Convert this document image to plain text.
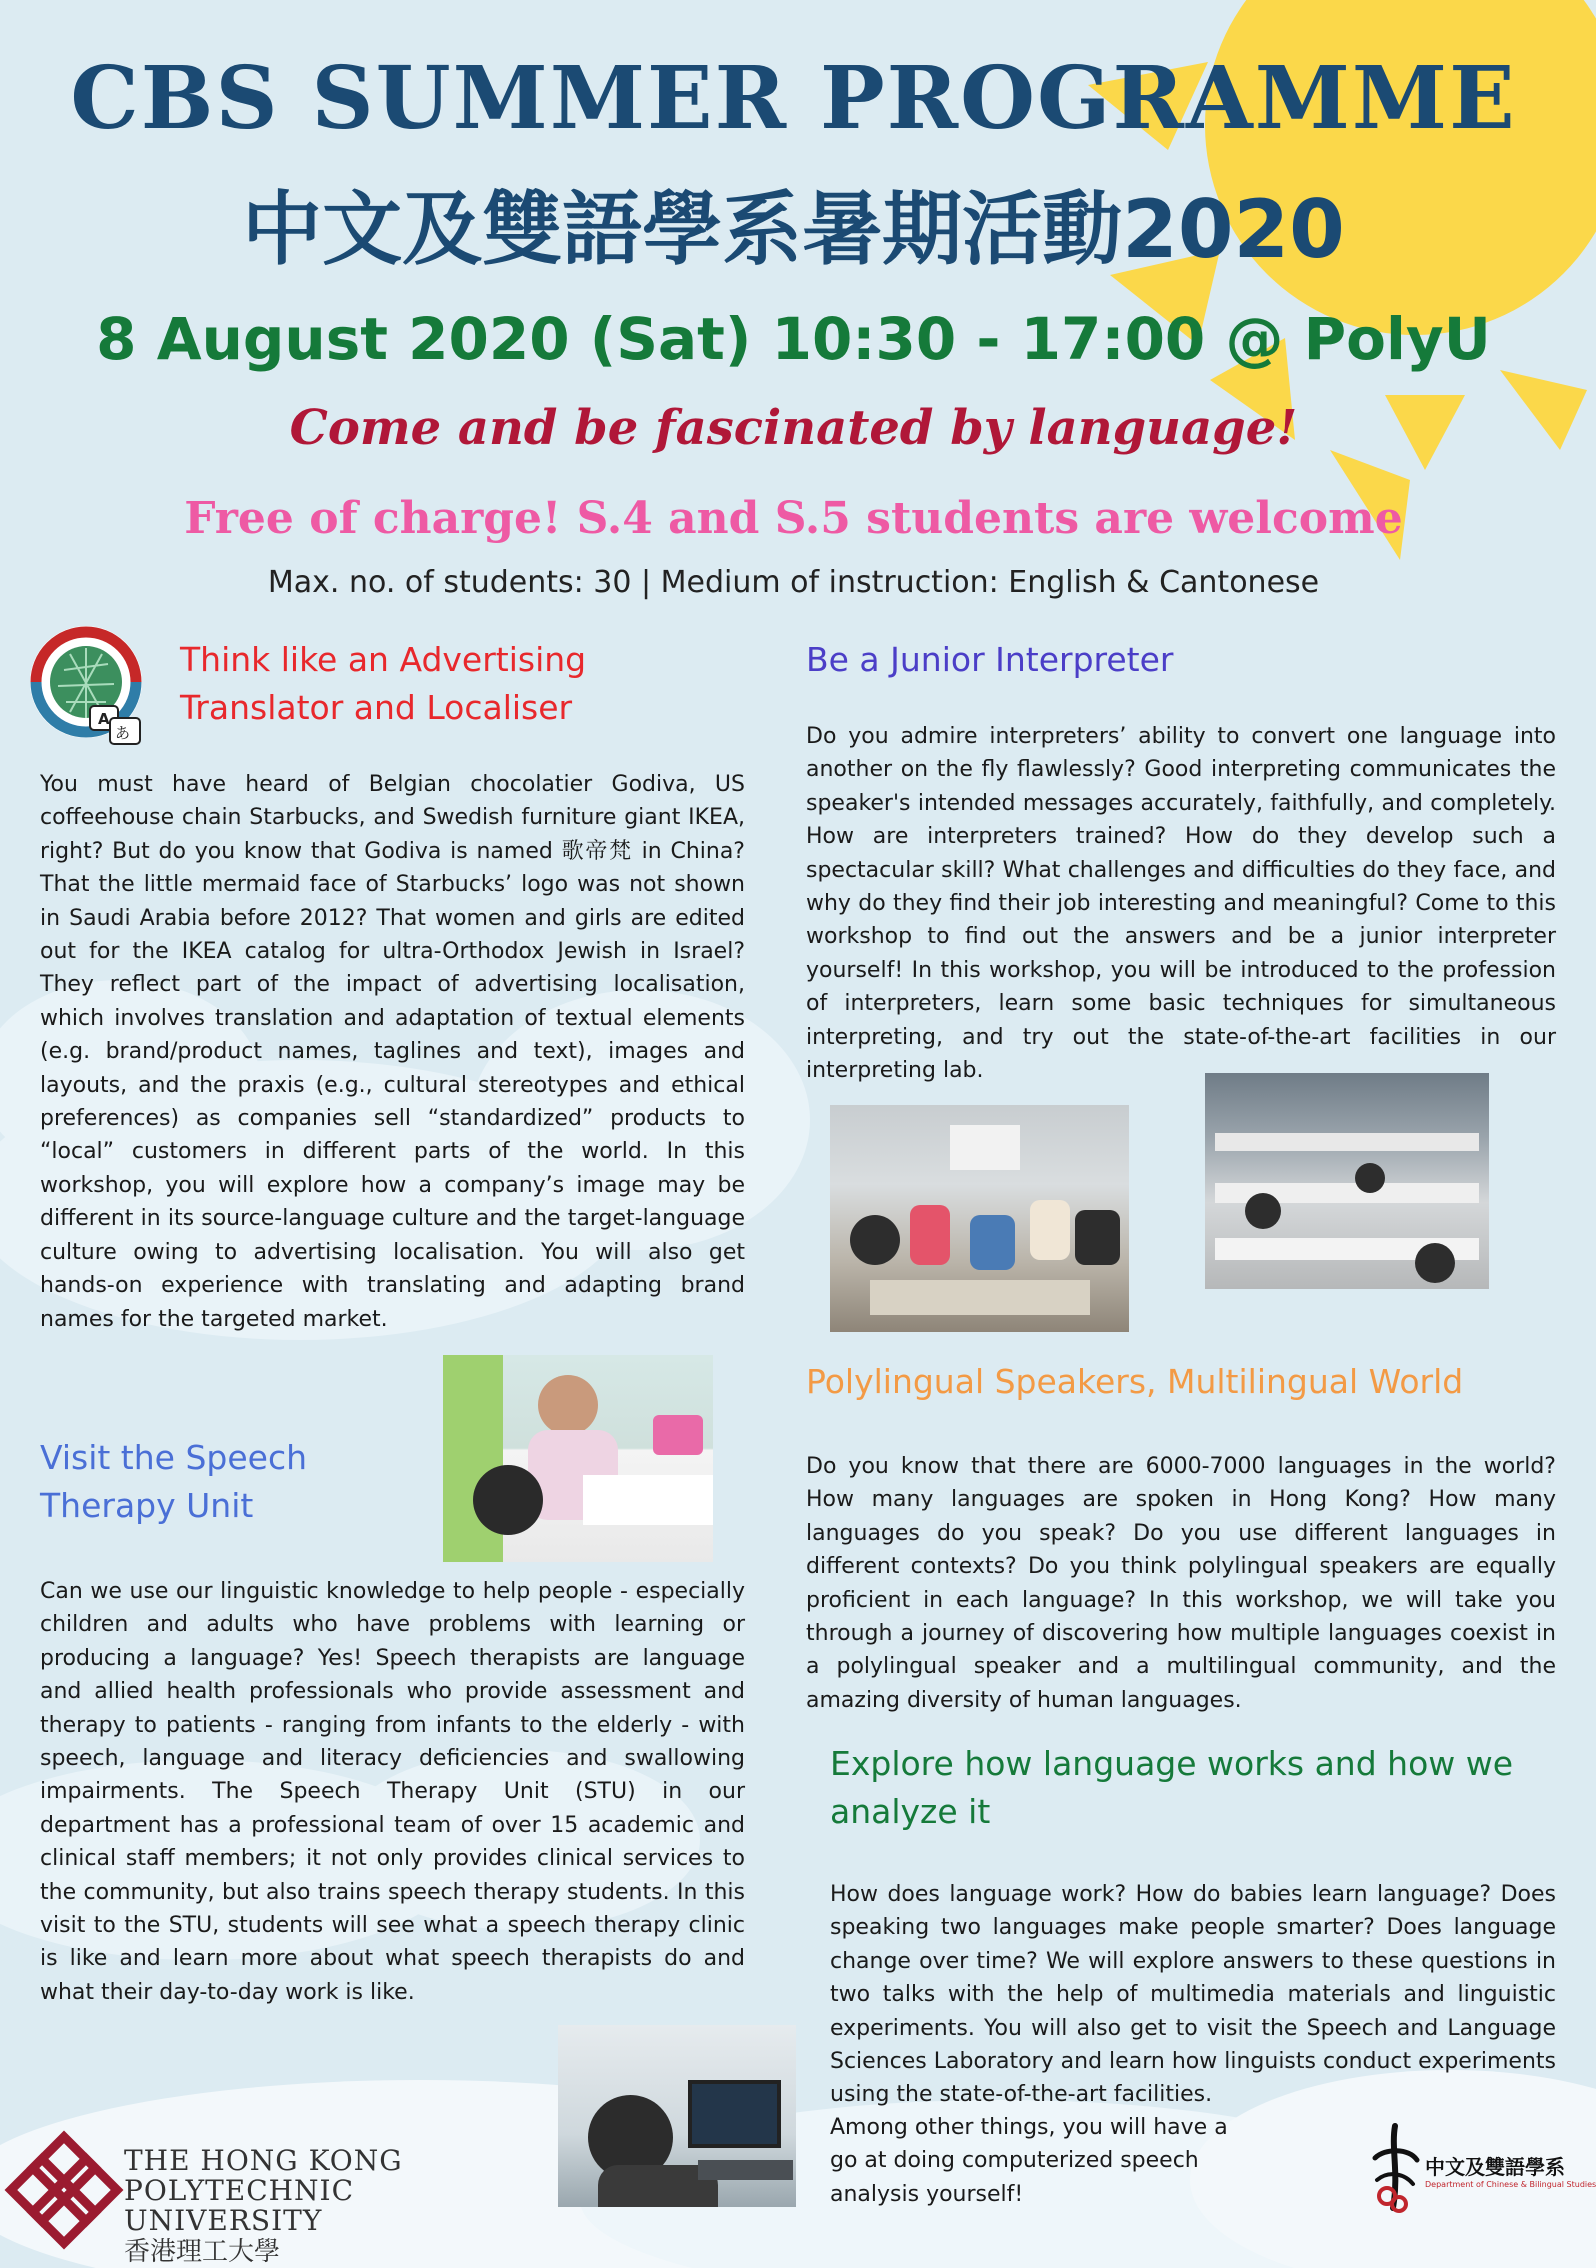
CBS SUMMER PROGRAMME
中文及雙語學系暑期活動2020
8 August 2020 (Sat) 10:30 - 17:00 @ PolyU
Come and be fascinated by language!
Free of charge! S.4 and S.5 students are welcome
Max. no. of students: 30 | Medium of instruction: English & Cantonese
A
あ
Think like an Advertising
Translator and Localiser

You must have heard of Belgian chocolatier Godiva, US coffeehouse chain Starbucks, and Swedish furniture giant IKEA, right? But do you know that Godiva is named 歌帝梵 in China? That the little mermaid face of Starbucks’ logo was not shown in Saudi Arabia before 2012? That women and girls are edited out for the IKEA catalog for ultra-Orthodox Jewish in Israel? They reflect part of the impact of advertising localisation, which involves translation and adaptation of textual elements (e.g. brand/product names, taglines and text), images and layouts, and the praxis (e.g., cultural stereotypes and ethical preferences) as companies sell “standardized” products to “local” customers in different parts of the world. In this workshop, you will explore how a company’s image may be different in its source-language culture and the target-language culture owing to advertising localisation. You will also get hands-on experience with translating and adapting brand names for the targeted market.

Visit the Speech
Therapy Unit

Can we use our linguistic knowledge to help people - especially children and adults who have problems with learning or producing a language? Yes! Speech therapists are language and allied health professionals who provide assessment and therapy to patients - ranging from infants to the elderly - with speech, language and literacy deficiencies and swallowing impairments. The Speech Therapy Unit (STU) in our department has a professional team of over 15 academic and clinical staff members; it not only provides clinical services to the community, but also trains speech therapy students. In this visit to the STU, students will see what a speech therapy clinic is like and learn more about what speech therapists do and what their day-to-day work is like.

Be a Junior Interpreter

Do you admire interpreters’ ability to convert one language into another on the fly flawlessly? Good interpreting communicates the speaker's intended messages accurately, faithfully, and completely. How are interpreters trained? How do they develop such a spectacular skill? What challenges and difficulties do they face, and why do they find their job interesting and meaningful? Come to this workshop to find out the answers and be a junior interpreter yourself! In this workshop, you will be introduced to the profession of interpreters, learn some basic techniques for simultaneous interpreting, and try out the state-of-the-art facilities in our interpreting lab.

Polylingual Speakers, Multilingual World

Do you know that there are 6000-7000 languages in the world? How many languages are spoken in Hong Kong? How many languages do you speak? Do you use different languages in different contexts? Do you think polylingual speakers are equally proficient in each language? In this workshop, we will take you through a journey of discovering how multiple languages coexist in a polylingual speaker and a multilingual community, and the amazing diversity of human languages.

Explore how language works and how we
analyze it

How does language work? How do babies learn language? Does speaking two languages make people smarter? Does language change over time? We will explore answers to these questions in two talks with the help of multimedia materials and linguistic experiments. You will also get to visit the Speech and Language Sciences Laboratory and learn how linguists conduct experiments using the state-of-the-art facilities.

Among other things, you will have a
go at doing computerized speech
analysis yourself!
THE HONG KONG
POLYTECHNIC UNIVERSITY
香港理工大學
中文及雙語學系
Department of Chinese & Bilingual Studies
